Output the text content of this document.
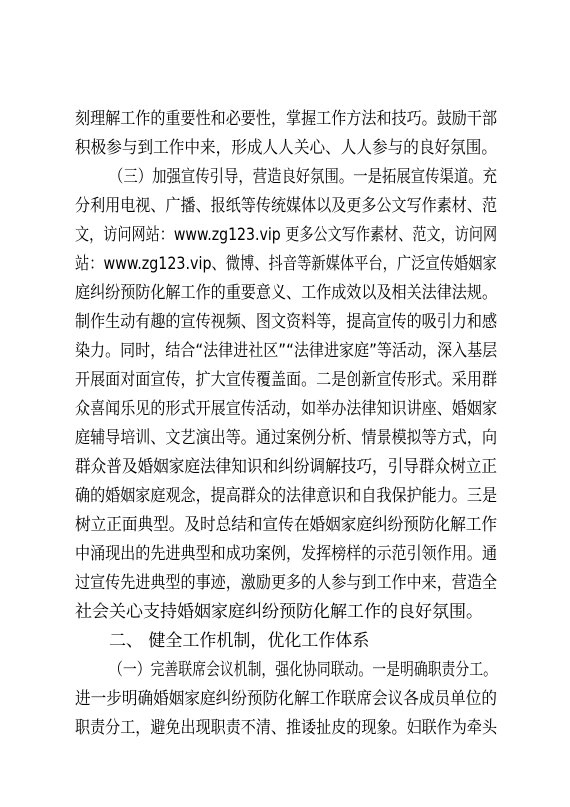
刻理解工作的重要性和必要性，掌握工作方法和技巧。鼓励干部
积极参与到工作中来，形成人人关心、人人参与的良好氛围。
（三）加强宣传引导，营造良好氛围。一是拓展宣传渠道。充
分利用电视、广播、报纸等传统媒体以及更多公文写作素材、范
文，访问网站：www.zg123.vip 更多公文写作素材、范文，访问网
站：www.zg123.vip、微博、抖音等新媒体平台，广泛宣传婚姻家
庭纠纷预防化解工作的重要意义、工作成效以及相关法律法规。
制作生动有趣的宣传视频、图文资料等，提高宣传的吸引力和感
染力。同时，结合“法律进社区”“法律进家庭”等活动，深入基层
开展面对面宣传，扩大宣传覆盖面。二是创新宣传形式。采用群
众喜闻乐见的形式开展宣传活动，如举办法律知识讲座、婚姻家
庭辅导培训、文艺演出等。通过案例分析、情景模拟等方式，向
群众普及婚姻家庭法律知识和纠纷调解技巧，引导群众树立正
确的婚姻家庭观念，提高群众的法律意识和自我保护能力。三是
树立正面典型。及时总结和宣传在婚姻家庭纠纷预防化解工作
中涌现出的先进典型和成功案例，发挥榜样的示范引领作用。通
过宣传先进典型的事迹，激励更多的人参与到工作中来，营造全
社会关心支持婚姻家庭纠纷预防化解工作的良好氛围。
二、 健全工作机制，优化工作体系
（一）完善联席会议机制，强化协同联动。一是明确职责分工。
进一步明确婚姻家庭纠纷预防化解工作联席会议各成员单位的
职责分工，避免出现职责不清、推诿扯皮的现象。妇联作为牵头
